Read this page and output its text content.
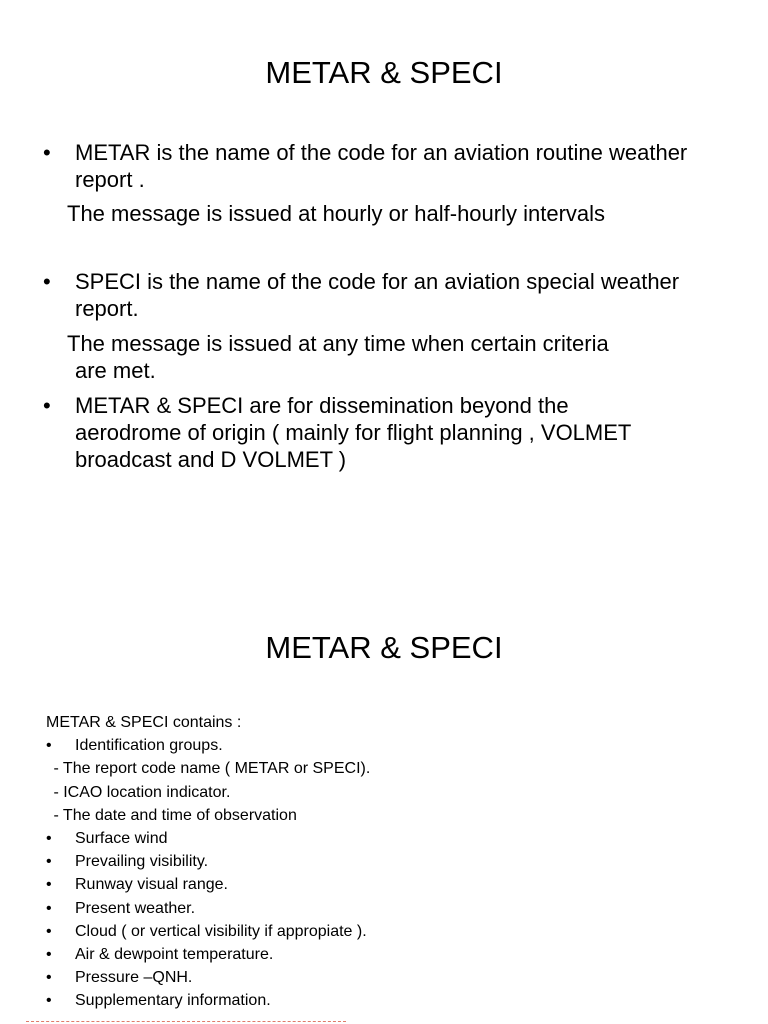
METAR & SPECI
• METAR is the name of the code for an aviation routine weather report .
The message is issued at hourly or half-hourly intervals
• SPECI is the name of the code for an aviation special weather report.
The message is issued at any time when certain criteria
are met.
• METAR & SPECI are for dissemination beyond the aerodrome of origin ( mainly for flight planning , VOLMET broadcast and D VOLMET )
METAR & SPECI
METAR & SPECI contains :
• Identification groups.
- The report code name ( METAR or SPECI).
- ICAO location indicator.
- The date and time of observation
• Surface wind
• Prevailing visibility.
• Runway visual range.
• Present weather.
• Cloud ( or vertical visibility if appropiate ).
• Air & dewpoint temperature.
• Pressure –QNH.
• Supplementary information.
